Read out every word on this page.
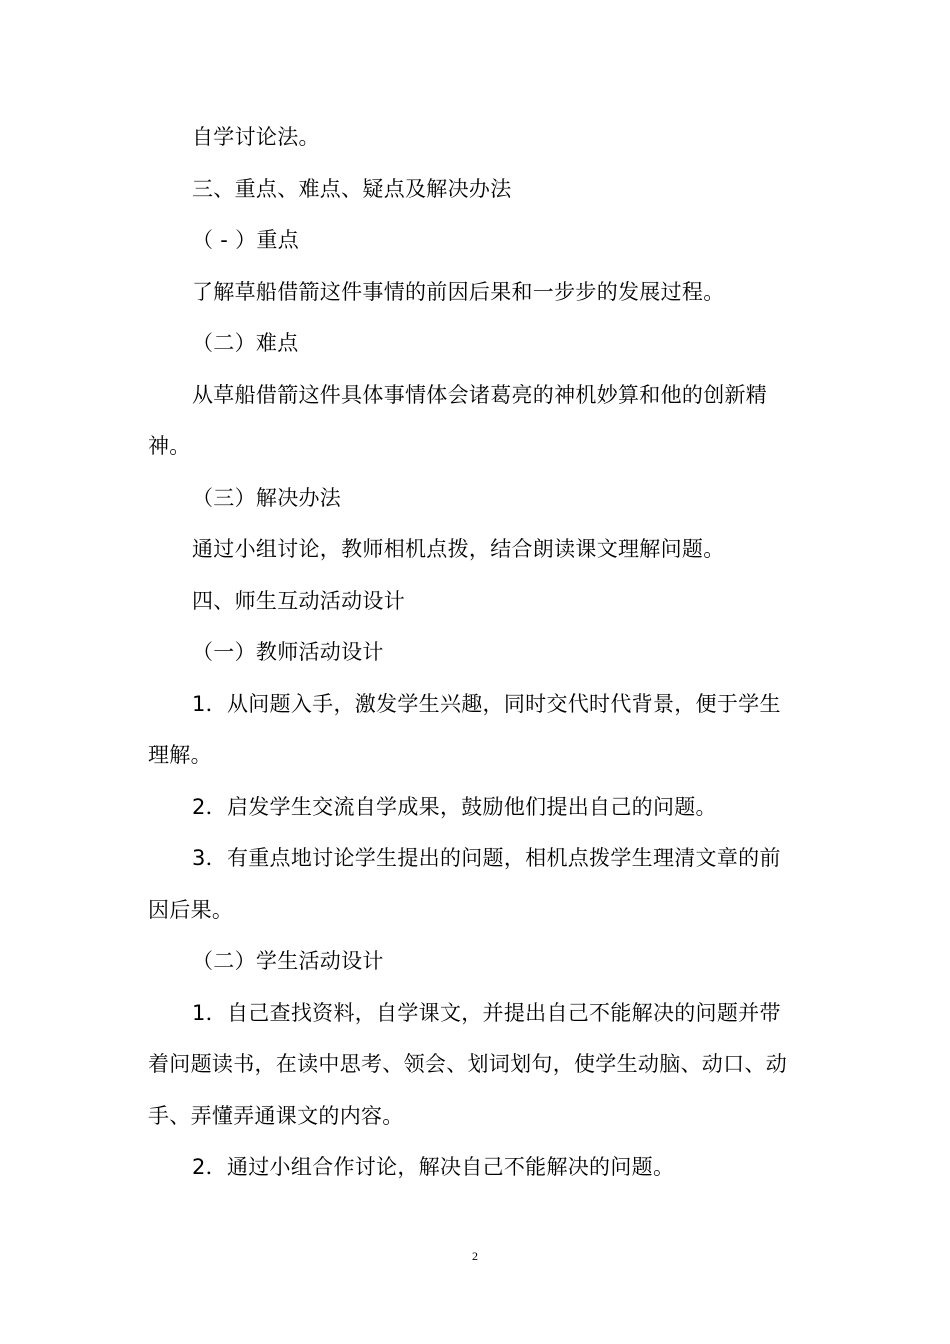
自学讨论法。

三、重点、难点、疑点及解决办法

（ - ）重点

了解草船借箭这件事情的前因后果和一步步的发展过程。

（二）难点

从草船借箭这件具体事情体会诸葛亮的神机妙算和他的创新精神。

（三）解决办法

通过小组讨论，教师相机点拨，结合朗读课文理解问题。

四、师生互动活动设计

（一）教师活动设计

1．从问题入手，激发学生兴趣，同时交代时代背景，便于学生理解。

2．启发学生交流自学成果，鼓励他们提出自己的问题。

3．有重点地讨论学生提出的问题，相机点拨学生理清文章的前因后果。

（二）学生活动设计

1．自己查找资料，自学课文，并提出自己不能解决的问题并带着问题读书，在读中思考、领会、划词划句，使学生动脑、动口、动手、弄懂弄通课文的内容。

2．通过小组合作讨论，解决自己不能解决的问题。

2
